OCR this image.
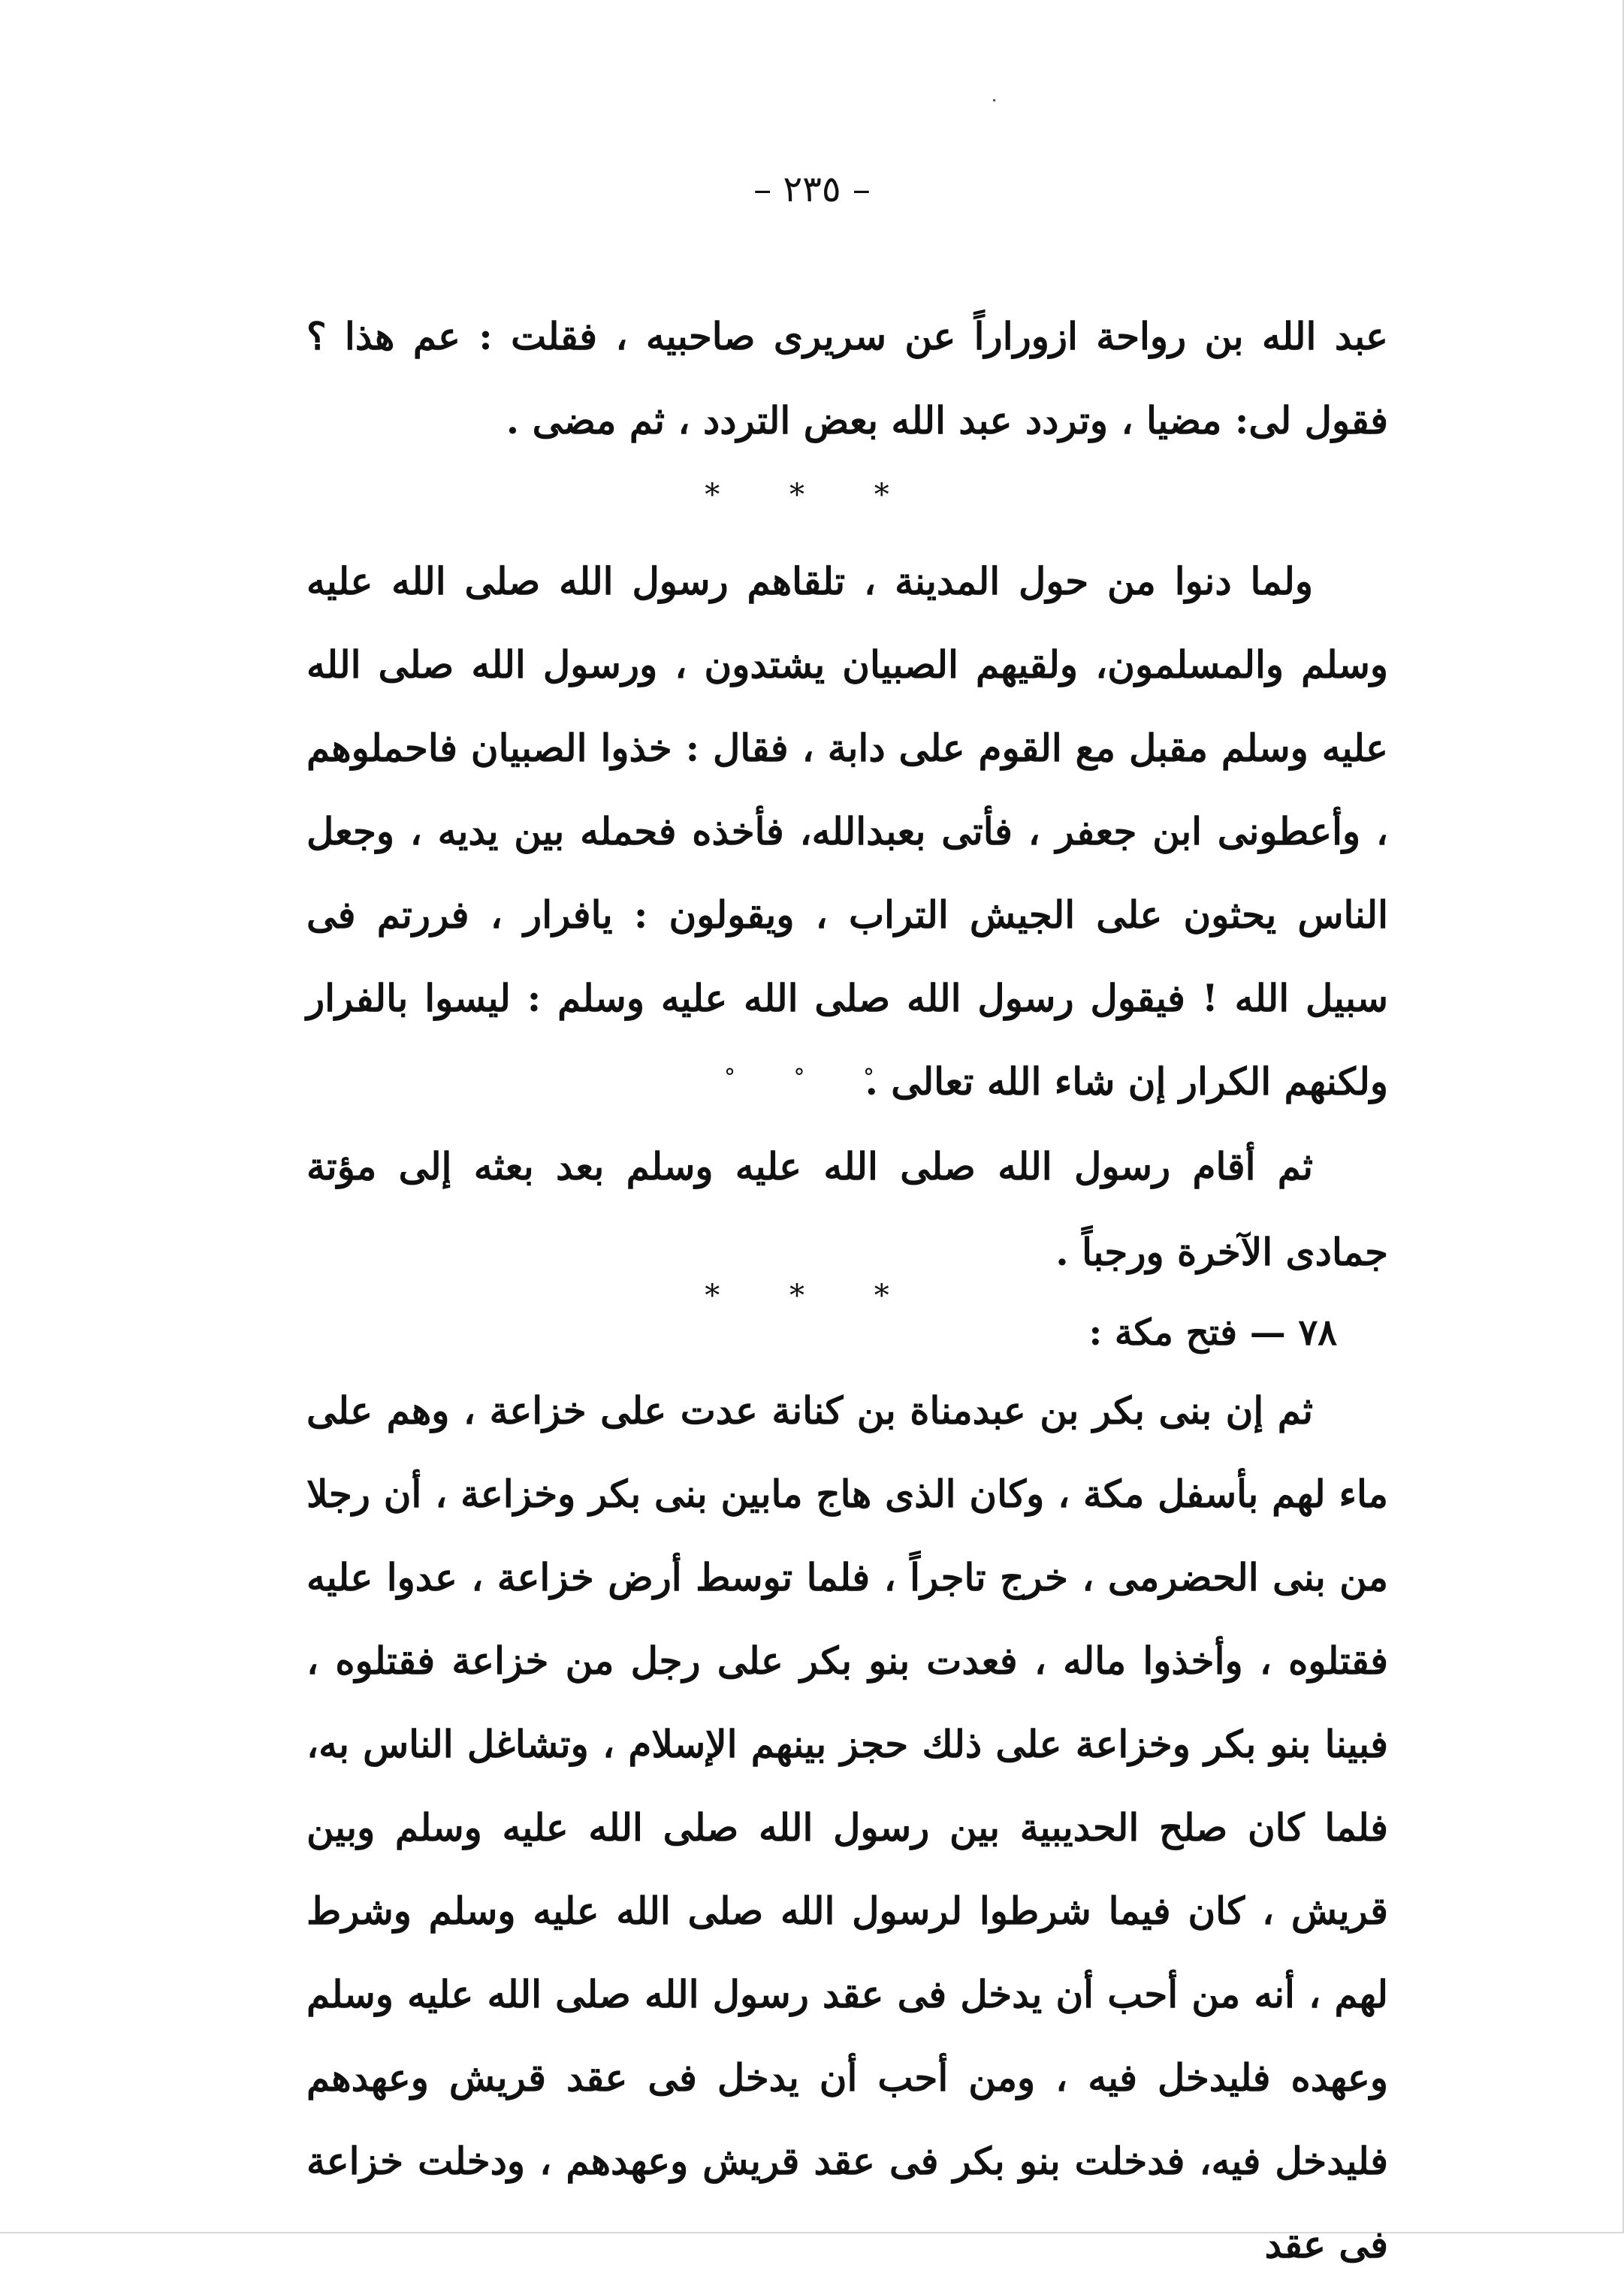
– ٢٣٥ –

عبد الله بن رواحة ازوراراً عن سريرى صاحبيه ، فقلت : عم هذا ؟ فقول لى: مضيا ، وتردد عبد الله بعض التردد ، ثم مضى .

* * *

ولما دنوا من حول المدينة ، تلقاهم رسول الله صلى الله عليه وسلم والمسلمون، ولقيهم الصبيان يشتدون ، ورسول الله صلى الله عليه وسلم مقبل مع القوم على دابة ، فقال : خذوا الصبيان فاحملوهم ، وأعطونى ابن جعفر ، فأتى بعبدالله، فأخذه فحمله بين يديه ، وجعل الناس يحثون على الجيش التراب ، ويقولون : يافرار ، فررتم فى سبيل الله ! فيقول رسول الله صلى الله عليه وسلم : ليسوا بالفرار ولكنهم الكرار إن شاء الله تعالى .

° ° °

ثم أقام رسول الله صلى الله عليه وسلم بعد بعثه إلى مؤتة جمادى الآخرة ورجباً .

* * *
٧٨ — فتح مكة :

ثم إن بنى بكر بن عبدمناة بن كنانة عدت على خزاعة ، وهم على ماء لهم بأسفل مكة ، وكان الذى هاج مابين بنى بكر وخزاعة ، أن رجلا من بنى الحضرمى ، خرج تاجراً ، فلما توسط أرض خزاعة ، عدوا عليه فقتلوه ، وأخذوا ماله ، فعدت بنو بكر على رجل من خزاعة فقتلوه ، فبينا بنو بكر وخزاعة على ذلك حجز بينهم الإسلام ، وتشاغل الناس به، فلما كان صلح الحديبية بين رسول الله صلى الله عليه وسلم وبين قريش ، كان فيما شرطوا لرسول الله صلى الله عليه وسلم وشرط لهم ، أنه من أحب أن يدخل فى عقد رسول الله صلى الله عليه وسلم وعهده فليدخل فيه ، ومن أحب أن يدخل فى عقد قريش وعهدهم فليدخل فيه، فدخلت بنو بكر فى عقد قريش وعهدهم ، ودخلت خزاعة فى عقد
